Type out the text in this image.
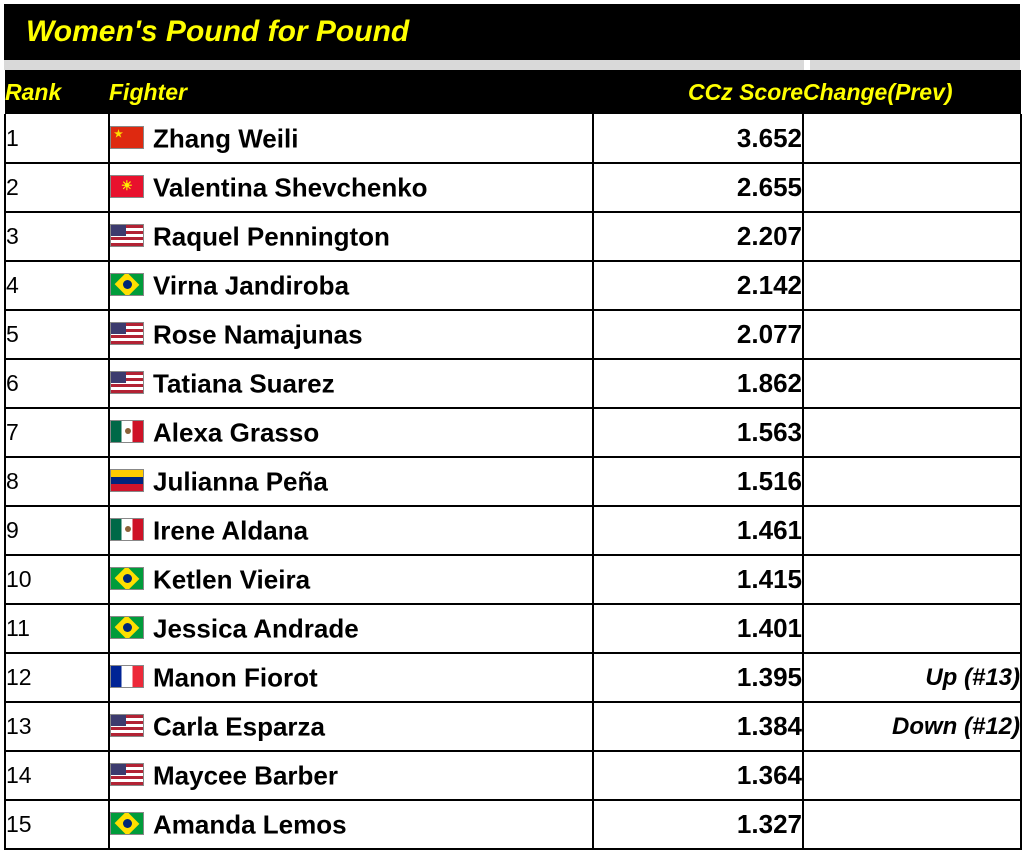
Women's Pound for Pound
Rank	Fighter	CCz Score	Change(Prev)
1	★ Zhang Weili	3.652	
2	☀ Valentina Shevchenko	2.655	
3	Raquel Pennington	2.207	
4	Virna Jandiroba	2.142	
5	Rose Namajunas	2.077	
6	Tatiana Suarez	1.862	
7	Alexa Grasso	1.563	
8	Julianna Peña	1.516	
9	Irene Aldana	1.461	
10	Ketlen Vieira	1.415	
11	Jessica Andrade	1.401	
12	Manon Fiorot	1.395	Up (#13)
13	Carla Esparza	1.384	Down (#12)
14	Maycee Barber	1.364	
15	Amanda Lemos	1.327	
